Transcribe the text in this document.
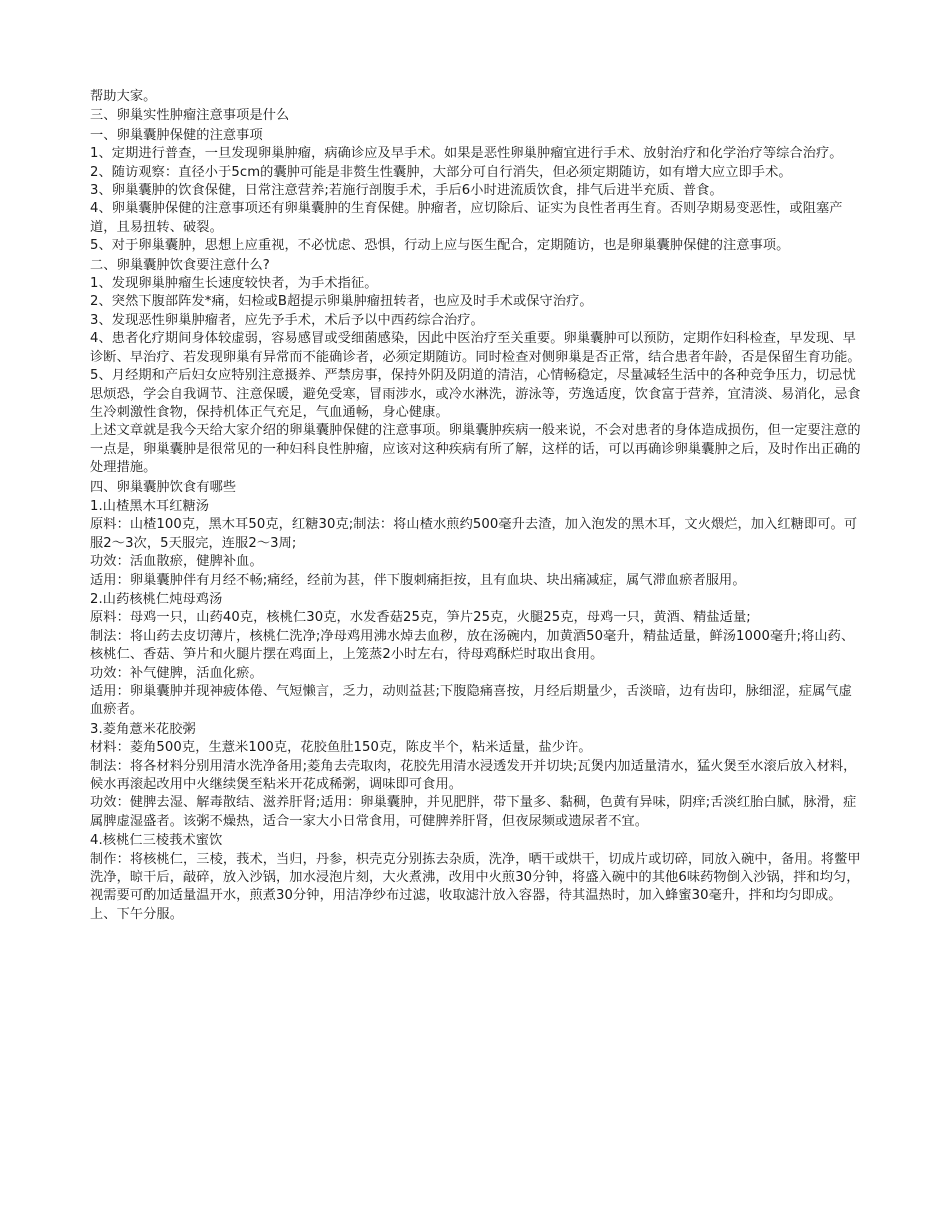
帮助大家。

三、卵巢实性肿瘤注意事项是什么

一、卵巢囊肿保健的注意事项

1、定期进行普查，一旦发现卵巢肿瘤，病确诊应及早手术。如果是恶性卵巢肿瘤宜进行手术、放射治疗和化学治疗等综合治疗。

2、随访观察：直径小于5cm的囊肿可能是非赘生性囊肿，大部分可自行消失，但必须定期随访，如有增大应立即手术。

3、卵巢囊肿的饮食保健，日常注意营养;若施行剖腹手术，手后6小时进流质饮食，排气后进半充质、普食。

4、卵巢囊肿保健的注意事项还有卵巢囊肿的生育保健。肿瘤者，应切除后、证实为良性者再生育。否则孕期易变恶性，或阻塞产道，且易扭转、破裂。

5、对于卵巢囊肿，思想上应重视，不必忧虑、恐惧，行动上应与医生配合，定期随访，也是卵巢囊肿保健的注意事项。

二、卵巢囊肿饮食要注意什么?

1、发现卵巢肿瘤生长速度较快者，为手术指征。

2、突然下腹部阵发*痛，妇检或B超提示卵巢肿瘤扭转者，也应及时手术或保守治疗。

3、发现恶性卵巢肿瘤者，应先予手术，术后予以中西药综合治疗。

4、患者化疗期间身体较虚弱，容易感冒或受细菌感染，因此中医治疗至关重要。卵巢囊肿可以预防，定期作妇科检查，早发现、早诊断、早治疗、若发现卵巢有异常而不能确诊者，必须定期随访。同时检查对侧卵巢是否正常，结合患者年龄，否是保留生育功能。

5、月经期和产后妇女应特别注意摄养、严禁房事，保持外阴及阴道的清洁，心情畅稳定，尽量减轻生活中的各种竞争压力，切忌忧思烦恐，学会自我调节、注意保暖，避免受寒，冒雨涉水，或冷水淋洗，游泳等，劳逸适度，饮食富于营养，宜清淡、易消化，忌食生冷刺激性食物，保持机体正气充足，气血通畅，身心健康。

上述文章就是我今天给大家介绍的卵巢囊肿保健的注意事项。卵巢囊肿疾病一般来说，不会对患者的身体造成损伤，但一定要注意的一点是，卵巢囊肿是很常见的一种妇科良性肿瘤，应该对这种疾病有所了解，这样的话，可以再确诊卵巢囊肿之后，及时作出正确的处理措施。

四、卵巢囊肿饮食有哪些

1.山楂黑木耳红糖汤

原料：山楂100克，黑木耳50克，红糖30克;制法：将山楂水煎约500毫升去渣，加入泡发的黑木耳，文火煨烂，加入红糖即可。可服2～3次，5天服完，连服2～3周;

功效：活血散瘀，健脾补血。

适用：卵巢囊肿伴有月经不畅;痛经，经前为甚，伴下腹刺痛拒按，且有血块、块出痛减症，属气滞血瘀者服用。

2.山药核桃仁炖母鸡汤

原料：母鸡一只，山药40克，核桃仁30克，水发香菇25克，笋片25克，火腿25克，母鸡一只，黄酒、精盐适量;

制法：将山药去皮切薄片，核桃仁洗净;净母鸡用沸水焯去血秽，放在汤碗内，加黄酒50毫升，精盐适量，鲜汤1000毫升;将山药、核桃仁、香菇、笋片和火腿片摆在鸡面上，上笼蒸2小时左右，待母鸡酥烂时取出食用。

功效：补气健脾，活血化瘀。

适用：卵巢囊肿并现神疲体倦、气短懒言，乏力，动则益甚;下腹隐痛喜按，月经后期量少，舌淡暗，边有齿印，脉细涩，症属气虚血瘀者。

3.菱角薏米花胶粥

材料：菱角500克，生薏米100克，花胶鱼肚150克，陈皮半个，粘米适量，盐少许。

制法：将各材料分别用清水洗净备用;菱角去壳取肉，花胶先用清水浸透发开并切块;瓦煲内加适量清水，猛火煲至水滚后放入材料，候水再滚起改用中火继续煲至粘米开花成稀粥，调味即可食用。

功效：健脾去湿、解毒散结、滋养肝肾;适用：卵巢囊肿，并见肥胖，带下量多、黏稠，色黄有异味，阴痒;舌淡红胎白腻，脉滑，症属脾虚湿盛者。该粥不燥热，适合一家大小日常食用，可健脾养肝肾，但夜尿频或遗尿者不宜。

4.核桃仁三棱莪术蜜饮

制作：将核桃仁，三棱，莪术，当归，丹参，枳壳克分别拣去杂质，洗净，晒干或烘干，切成片或切碎，同放入碗中，备用。将鳖甲洗净，晾干后，敲碎，放入沙锅，加水浸泡片刻，大火煮沸，改用中火煎30分钟，将盛入碗中的其他6味药物倒入沙锅，拌和均匀，视需要可酌加适量温开水，煎煮30分钟，用洁净纱布过滤，收取滤汁放入容器，待其温热时，加入蜂蜜30毫升，拌和均匀即成。上、下午分服。
